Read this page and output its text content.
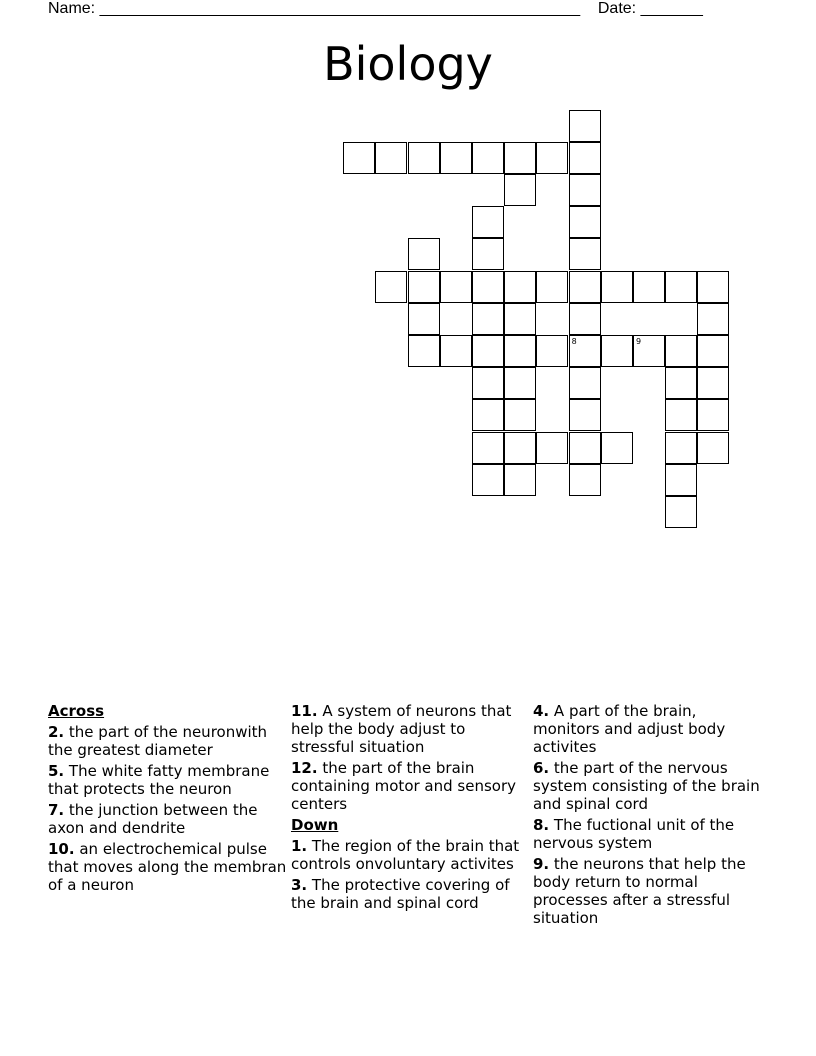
Name: ______________________________________________________ Date: _______
Biology
8	9
Across
2. the part of the neuronwith the greatest diameter
5. The white fatty membrane that protects the neuron
7. the junction between the axon and dendrite
10. an electrochemical pulse that moves along the membran of a neuron
11. A system of neurons that help the body adjust to stressful situation
12. the part of the brain containing motor and sensory centers
Down
1. The region of the brain that controls onvoluntary activites
3. The protective covering of the brain and spinal cord
4. A part of the brain, monitors and adjust body activites
6. the part of the nervous system consisting of the brain and spinal cord
8. The fuctional unit of the nervous system
9. the neurons that help the body return to normal processes after a stressful situation
